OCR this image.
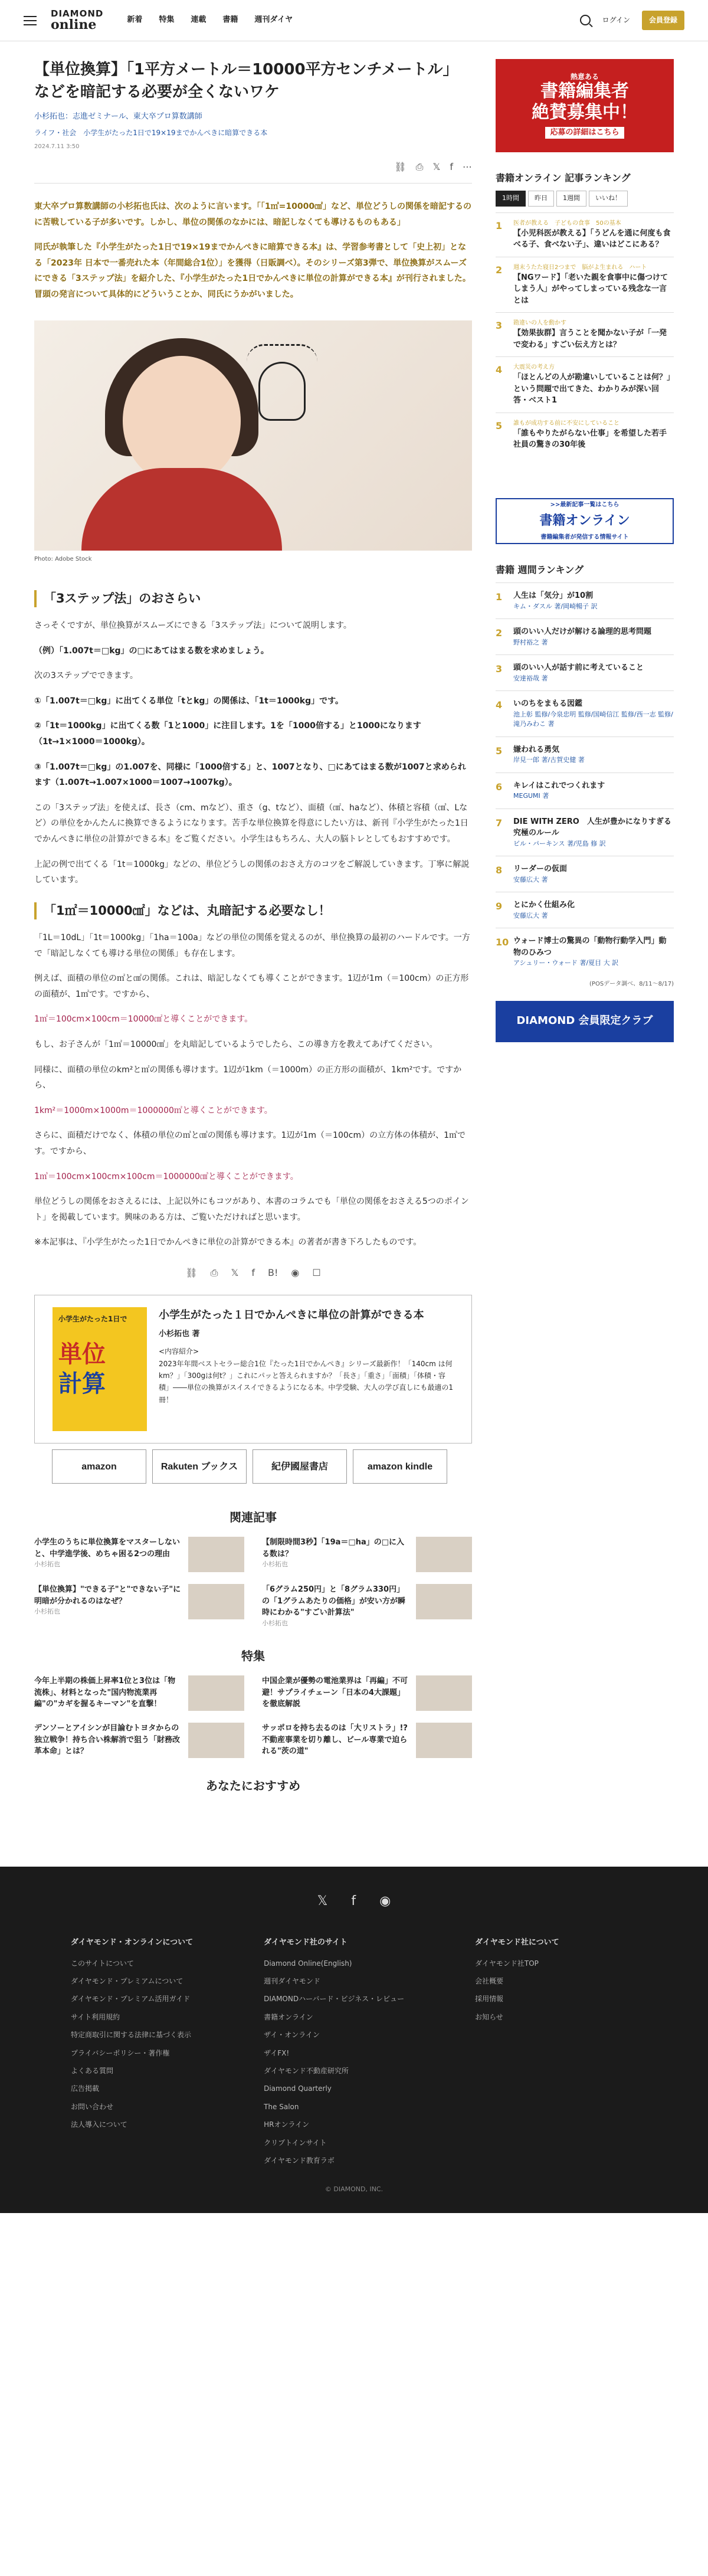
DIAMOND
online	新着 特集 連載 書籍 週刊ダイヤ	ログイン	会員登録
【単位換算】「1平方メートル＝10000平方センチメートル」などを暗記する必要が全くないワケ
小杉拓也：志進ゼミナール、東大卒プロ算数講師
ライフ・社会　小学生がたった1日で19×19までかんぺきに暗算できる本
2024.7.11 3:50
⛓ ⎙ 𝕏 f ⋯

東大卒プロ算数講師の小杉拓也氏は、次のように言います。「「1㎡=10000㎠」など、単位どうしの関係を暗記するのに苦戦している子が多いです。しかし、単位の関係のなかには、暗記しなくても導けるものもある」

同氏が執筆した『小学生がたった1日で19×19までかんぺきに暗算できる本』は、学習参考書として「史上初」となる「2023年 日本で一番売れた本（年間総合1位）」を獲得（日販調べ）。そのシリーズ第3弾で、単位換算がスムーズにできる「3ステップ法」を紹介した、『小学生がたった1日でかんぺきに単位の計算ができる本』が刊行されました。冒頭の発言について具体的にどういうことか、同氏にうかがいました。

Photo: Adobe Stock
「3ステップ法」のおさらい

さっそくですが、単位換算がスムーズにできる「3ステップ法」について説明します。

（例）「1.007t＝□kg」の□にあてはまる数を求めましょう。

次の3ステップでできます。

①「1.007t＝□kg」に出てくる単位「tとkg」の関係は、「1t＝1000kg」です。

②「1t＝1000kg」に出てくる数「1と1000」に注目します。1を「1000倍する」と1000になります（1t→1×1000＝1000kg）。

③「1.007t＝□kg」の1.007を、同様に「1000倍する」と、1007となり、□にあてはまる数が1007と求められます（1.007t→1.007×1000＝1007→1007kg）。

この「3ステップ法」を使えば、長さ（cm、mなど）、重さ（g、tなど）、面積（㎠、haなど）、体積と容積（㎤、Lなど）の単位をかんたんに換算できるようになります。苦手な単位換算を得意にしたい方は、新刊『小学生がたった1日でかんぺきに単位の計算ができる本』をご覧ください。小学生はもちろん、大人の脳トレとしてもおすすめです。

上記の例で出てくる「1t＝1000kg」などの、単位どうしの関係のおさえ方のコツをご解説していきます。丁寧に解説しています。

「1㎡＝10000㎠」などは、丸暗記する必要なし！

「1L＝10dL」「1t＝1000kg」「1ha＝100a」などの単位の関係を覚えるのが、単位換算の最初のハードルです。一方で「暗記しなくても導ける単位の関係」も存在します。

例えば、面積の単位の㎡と㎠の関係。これは、暗記しなくても導くことができます。1辺が1m（＝100cm）の正方形の面積が、1㎡です。ですから、

1㎡＝100cm×100cm＝10000㎠と導くことができます。

もし、お子さんが「1㎡＝10000㎠」を丸暗記しているようでしたら、この導き方を教えてあげてください。

同様に、面積の単位のkm²と㎡の関係も導けます。1辺が1km（＝1000m）の正方形の面積が、1km²です。ですから、

1km²＝1000m×1000m＝1000000㎡と導くことができます。

さらに、面積だけでなく、体積の単位の㎥と㎤の関係も導けます。1辺が1m（＝100cm）の立方体の体積が、1㎥です。ですから、

1㎥＝100cm×100cm×100cm＝1000000㎤と導くことができます。

単位どうしの関係をおさえるには、上記以外にもコツがあり、本書のコラムでも「単位の関係をおさえる5つのポイント」を掲載しています。興味のある方は、ご覧いただければと思います。

※本記事は、『小学生がたった1日でかんぺきに単位の計算ができる本』の著者が書き下ろしたものです。

⛓ ⎙ 𝕏 f B! ◉ ☐
小学生がたった1日で
単位
計算
小学生がたった１日でかんぺきに単位の計算ができる本
小杉拓也 著
<内容紹介>
2023年年間ベストセラー総合1位『たった1日でかんぺき』シリーズ最新作！「140cm は何km？」「300gは何t？」これにパッと答えられますか？「長さ」「重さ」「面積」「体積・容積」――単位の換算がスイスイできるようになる本。中学受験、大人の学び直しにも最適の1冊！
amazon	Rakuten ブックス	紀伊國屋書店	amazon kindle
関連記事
小学生のうちに単位換算をマスターしないと、中学進学後、めちゃ困る2つの理由
小杉拓也
【制限時間3秒】「19a＝□ha」の□に入る数は？
小杉拓也
【単位換算】"できる子"と"できない子"に明暗が分かれるのはなぜ？
小杉拓也
「6グラム250円」と「8グラム330円」の「1グラムあたりの価格」が安い方が瞬時にわかる"すごい計算法"
小杉拓也
特集
今年上半期の株価上昇率1位と3位は「物流株」、材料となった"国内物流業再編"の"カギを握るキーマン"を直撃！
中国企業が優勢の電池業界は「再編」不可避！サプライチェーン「日本の4大課題」を徹底解説
デンソーとアイシンが目論むトヨタからの独立戦争！持ち合い株解消で狙う「財務改革本命」とは？
サッポロを持ち去るのは「大リストラ」!?不動産事業を切り離し、ビール専業で迫られる"茨の道"
あなたにおすすめ
熱意ある
書籍編集者
絶賛募集中！
応募の詳細はこちら
書籍オンライン 記事ランキング
1時間	昨日	1週間	いいね！
1	医者が教える　子どもの食事　50の基本
【小児科医が教える】「うどんを通に何度も食べる子、食べない子」、違いはどこにある？
2	週末うたた寝日2つまで　脳がよ生まれる　ハート
【NGワード】「老いた親を食事中に傷つけてしまう人」がやってしまっている残念な一言とは
3	勘違いの人を動かす
【効果抜群】言うことを聞かない子が「一発で変わる」すごい伝え方とは？
4	大震災の考え方
「ほとんどの人が勘違いしていることは何？」という問題で出てきた、わかりみが深い回答・ベスト1
5	誰もが成功する前に不安にしていること
「誰もやりたがらない仕事」を希望した若手社員の驚きの30年後
>>最新記事一覧はこちら
書籍オンライン
書籍編集者が発信する情報サイト
書籍 週間ランキング
1	人生は「気分」が10割
キム・ダスル 著/岡崎暢子 訳
2	頭のいい人だけが解ける論理的思考問題
野村裕之 著
3	頭のいい人が話す前に考えていること
安達裕哉 著
4	いのちをまもる図鑑
池上彰 監修/今泉忠明 監修/国崎信江 監修/西一志 監修/滝乃みわこ 著
5	嫌われる勇気
岸見一郎 著/古賀史健 著
6	キレイはこれでつくれます
MEGUMI 著
7	DIE WITH ZERO　人生が豊かになりすぎる究極のルール
ビル・パーキンス 著/児島 修 訳
8	リーダーの仮面
安藤広大 著
9	とにかく仕組み化
安藤広大 著
10 ウォード博士の驚異の「動物行動学入門」動物のひみつ
アシュリー・ウォード 著/夏目 大 訳
(POSデータ調べ、8/11～8/17)
DIAMOND 会員限定クラブ
𝕏 f ◉
ダイヤモンド・オンラインについて
このサイトについて
ダイヤモンド・プレミアムについて
ダイヤモンド・プレミアム活用ガイド
サイト利用規約
特定商取引に関する法律に基づく表示
プライバシーポリシー・著作権
よくある質問
広告掲載
お問い合わせ
法人導入について
ダイヤモンド社のサイト
Diamond Online(English)
週刊ダイヤモンド
DIAMONDハーバード・ビジネス・レビュー
書籍オンライン
ザイ・オンライン
ザイFX!
ダイヤモンド不動産研究所
Diamond Quarterly
The Salon
HRオンライン
クリプトインサイト
ダイヤモンド教育ラボ
ダイヤモンド社について
ダイヤモンド社TOP
会社概要
採用情報
お知らせ
© DIAMOND, INC.
